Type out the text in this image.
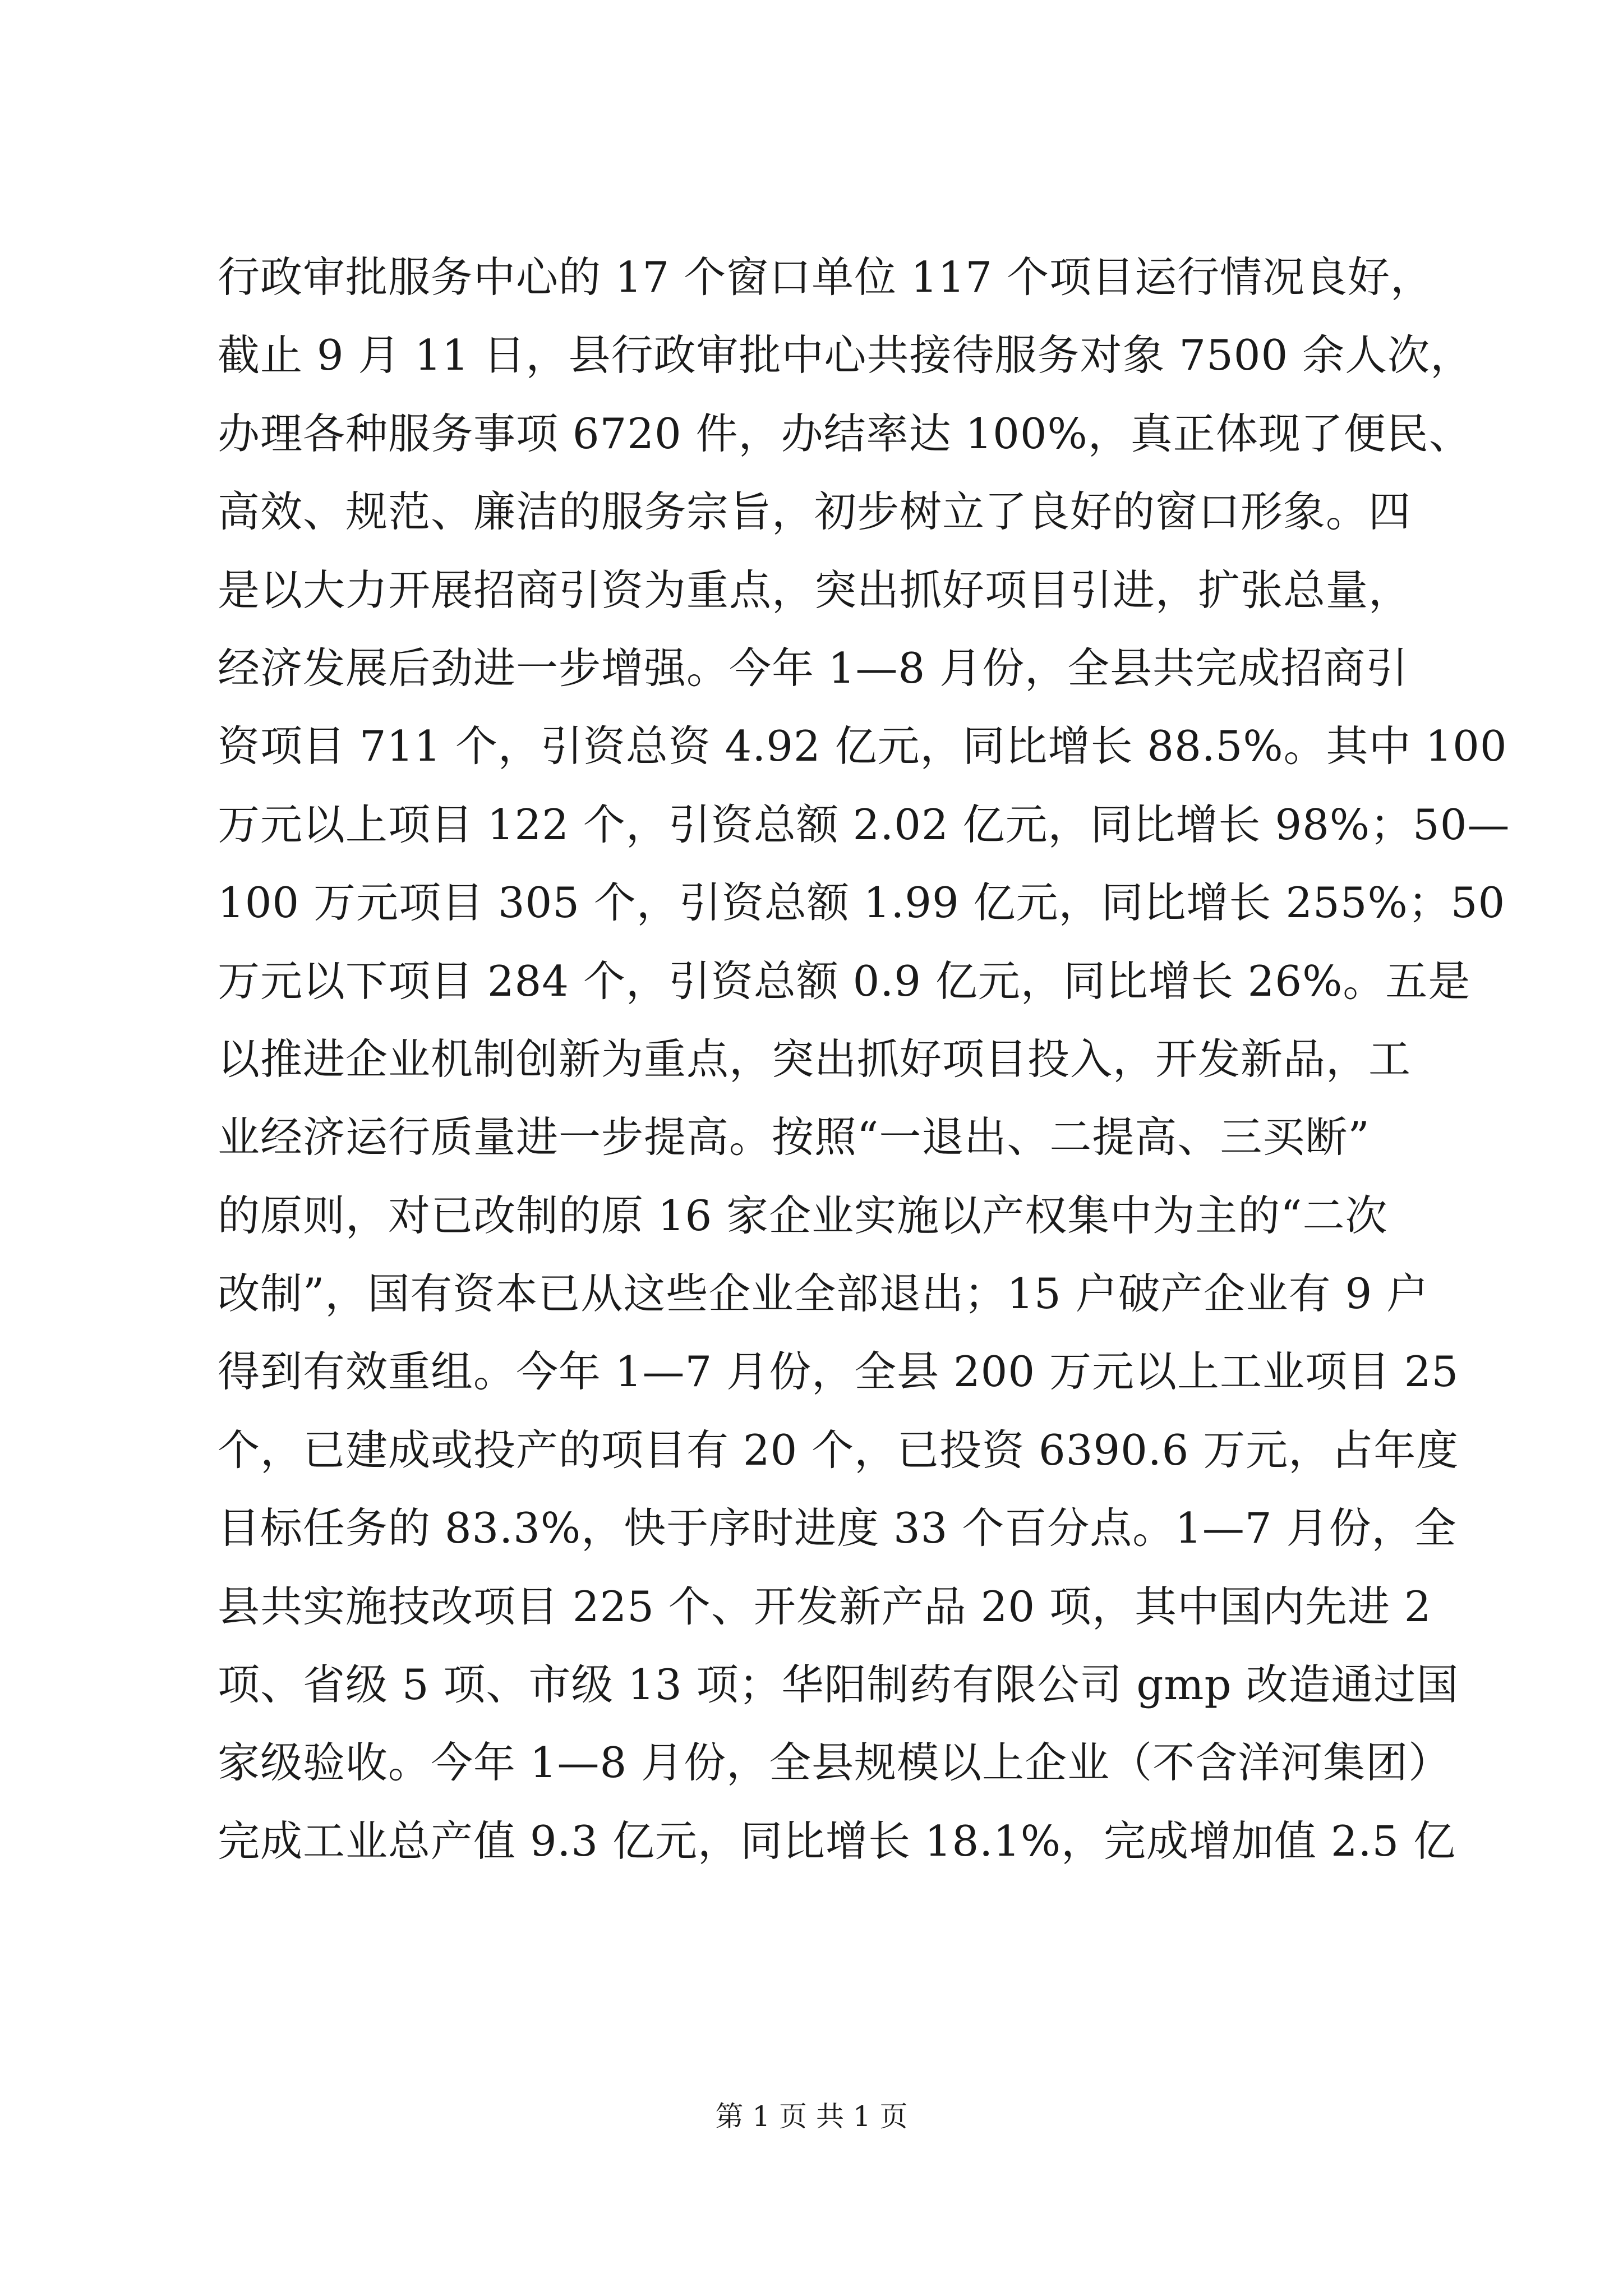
行政审批服务中心的 17 个窗口单位 117 个项目运行情况良好，
截止 9 月 11 日，县行政审批中心共接待服务对象 7500 余人次，
办理各种服务事项 6720 件，办结率达 100%，真正体现了便民、
高效、规范、廉洁的服务宗旨，初步树立了良好的窗口形象。四
是以大力开展招商引资为重点，突出抓好项目引进，扩张总量，
经济发展后劲进一步增强。今年 1—8 月份，全县共完成招商引
资项目 711 个，引资总资 4.92 亿元，同比增长 88.5%。其中 100
万元以上项目 122 个，引资总额 2.02 亿元，同比增长 98%；50—
100 万元项目 305 个，引资总额 1.99 亿元，同比增长 255%；50
万元以下项目 284 个，引资总额 0.9 亿元，同比增长 26%。五是
以推进企业机制创新为重点，突出抓好项目投入，开发新品，工
业经济运行质量进一步提高。按照“一退出、二提高、三买断”
的原则，对已改制的原 16 家企业实施以产权集中为主的“二次
改制”，国有资本已从这些企业全部退出；15 户破产企业有 9 户
得到有效重组。今年 1—7 月份，全县 200 万元以上工业项目 25
个，已建成或投产的项目有 20 个，已投资 6390.6 万元，占年度
目标任务的 83.3%，快于序时进度 33 个百分点。1—7 月份，全
县共实施技改项目 225 个、开发新产品 20 项，其中国内先进 2
项、省级 5 项、市级 13 项；华阳制药有限公司 gmp 改造通过国
家级验收。今年 1—8 月份，全县规模以上企业（不含洋河集团）
完成工业总产值 9.3 亿元，同比增长 18.1%，完成增加值 2.5 亿
第 1 页 共 1 页
